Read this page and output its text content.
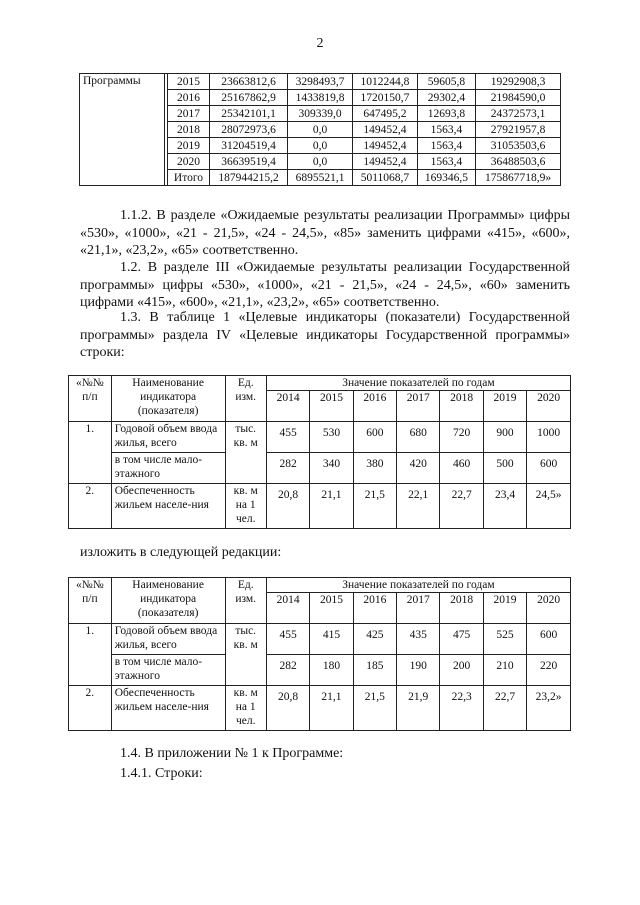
2
Программы		2015	23663812,6	3298493,7	1012244,8	59605,8	19292908,3
		2016	25167862,9	1433819,8	1720150,7	29302,4	21984590,0
		2017	25342101,1	309339,0	647495,2	12693,8	24372573,1
		2018	28072973,6	0,0	149452,4	1563,4	27921957,8
		2019	31204519,4	0,0	149452,4	1563,4	31053503,6
		2020	36639519,4	0,0	149452,4	1563,4	36488503,6
		Итого	187944215,2	6895521,1	5011068,7	169346,5	175867718,9»
1.1.2. В разделе «Ожидаемые результаты реализации Программы» цифры «530», «1000», «21 - 21,5», «24 - 24,5», «85» заменить цифрами «415», «600», «21,1», «23,2», «65» соответственно.
1.2. В разделе III «Ожидаемые результаты реализации Государственной программы» цифры «530», «1000», «21 - 21,5», «24 - 24,5», «60» заменить цифрами «415», «600», «21,1», «23,2», «65» соответственно.
1.3. В таблице 1 «Целевые индикаторы (показатели) Государственной программы» раздела IV «Целевые индикаторы Государственной программы» строки:
«№№ п/п	Наименование индикатора (показателя)	Ед. изм.	Значение показателей по годам						
			2014	2015	2016	2017	2018	2019	2020
1.	Годовой объем ввода жилья, всего	тыс. кв. м	455	530	600	680	720	900	1000
	в том числе мало-этажного		282	340	380	420	460	500	600
2.	Обеспеченность жильем населе-ния	кв. м на 1 чел.	20,8	21,1	21,5	22,1	22,7	23,4	24,5»
изложить в следующей редакции:
«№№ п/п	Наименование индикатора (показателя)	Ед. изм.	Значение показателей по годам						
			2014	2015	2016	2017	2018	2019	2020
1.	Годовой объем ввода жилья, всего	тыс. кв. м	455	415	425	435	475	525	600
	в том числе мало-этажного		282	180	185	190	200	210	220
2.	Обеспеченность жильем населе-ния	кв. м на 1 чел.	20,8	21,1	21,5	21,9	22,3	22,7	23,2»
1.4. В приложении № 1 к Программе:
1.4.1. Строки:
